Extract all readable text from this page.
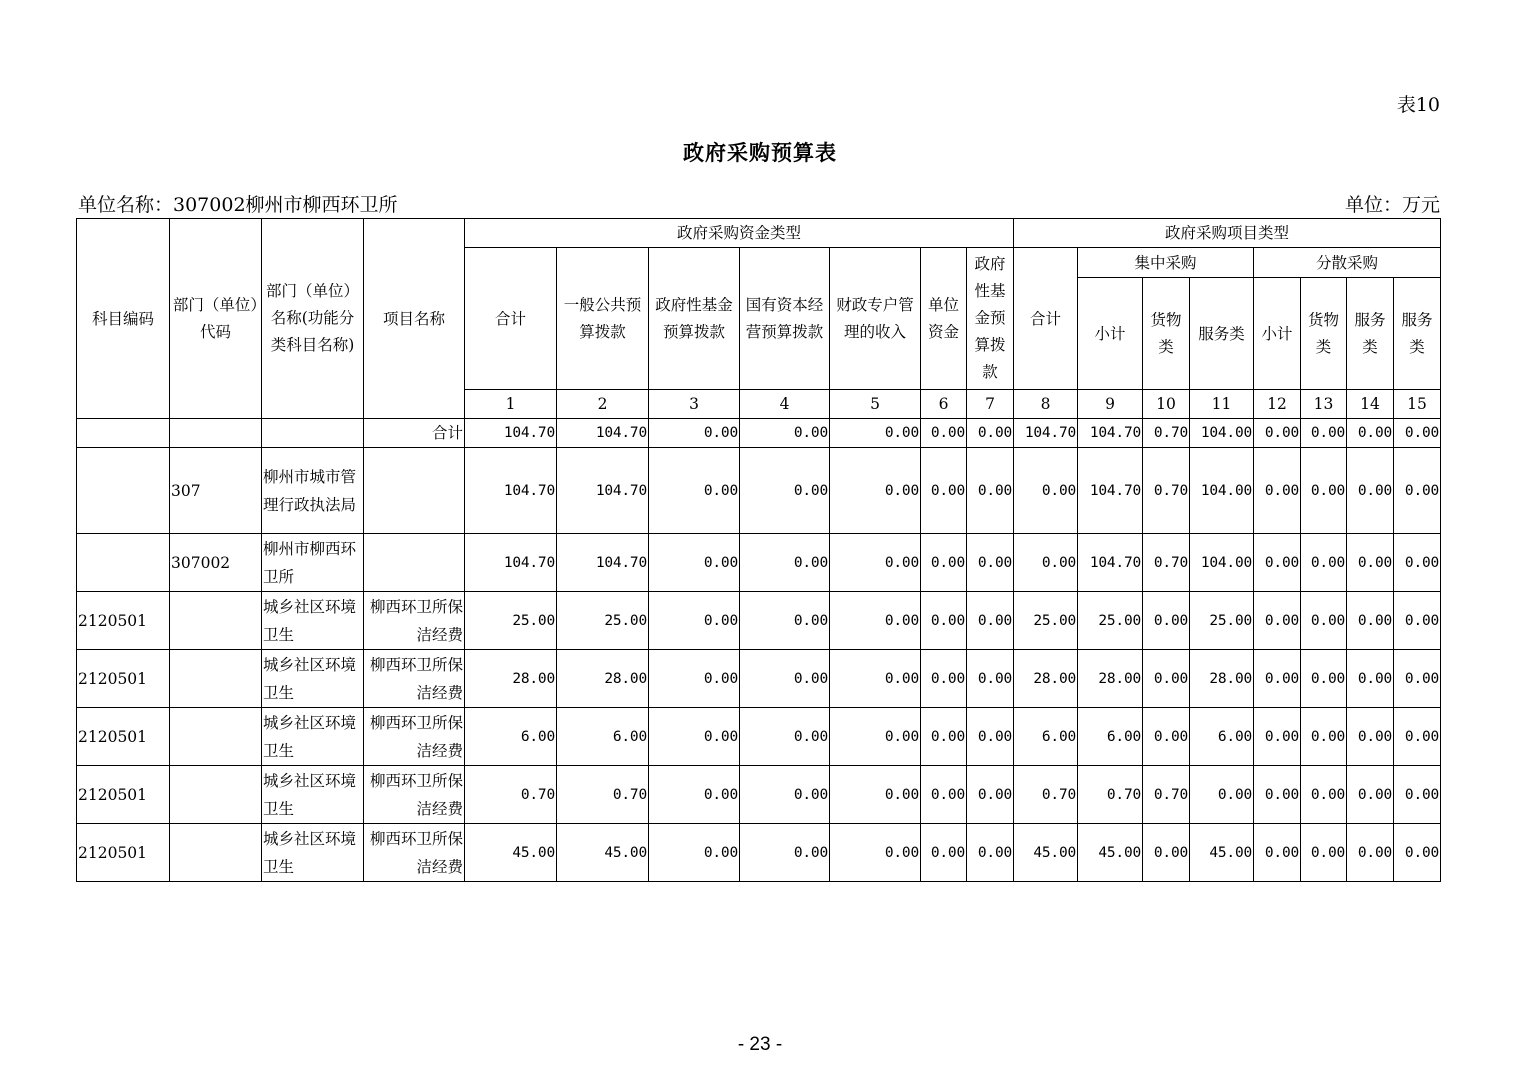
表10
政府采购预算表
单位名称：307002柳州市柳西环卫所	单位：万元
科目编码	部门（单位）代码	部门（单位）名称(功能分类科目名称)	项目名称	政府采购资金类型							政府采购项目类型							
				合计	一般公共预算拨款	政府性基金预算拨款	国有资本经营预算拨款	财政专户管理的收入	单位资金	政府性基金预算拨款	合计	集中采购			分散采购			
												小计	货物类	服务类	小计	货物类	服务类	服务类
				1	2	3	4	5	6	7	8	9	10	11	12	13	14	15
			合计	104.70	104.70	0.00	0.00	0.00	0.00	0.00	104.70	104.70	0.70	104.00	0.00	0.00	0.00	0.00
	307	柳州市城市管理行政执法局		104.70	104.70	0.00	0.00	0.00	0.00	0.00	0.00	104.70	0.70	104.00	0.00	0.00	0.00	0.00
	307002	柳州市柳西环卫所		104.70	104.70	0.00	0.00	0.00	0.00	0.00	0.00	104.70	0.70	104.00	0.00	0.00	0.00	0.00
2120501		城乡社区环境卫生	柳西环卫所保洁经费	25.00	25.00	0.00	0.00	0.00	0.00	0.00	25.00	25.00	0.00	25.00	0.00	0.00	0.00	0.00
2120501		城乡社区环境卫生	柳西环卫所保洁经费	28.00	28.00	0.00	0.00	0.00	0.00	0.00	28.00	28.00	0.00	28.00	0.00	0.00	0.00	0.00
2120501		城乡社区环境卫生	柳西环卫所保洁经费	6.00	6.00	0.00	0.00	0.00	0.00	0.00	6.00	6.00	0.00	6.00	0.00	0.00	0.00	0.00
2120501		城乡社区环境卫生	柳西环卫所保洁经费	0.70	0.70	0.00	0.00	0.00	0.00	0.00	0.70	0.70	0.70	0.00	0.00	0.00	0.00	0.00
2120501		城乡社区环境卫生	柳西环卫所保洁经费	45.00	45.00	0.00	0.00	0.00	0.00	0.00	45.00	45.00	0.00	45.00	0.00	0.00	0.00	0.00
- 23 -
